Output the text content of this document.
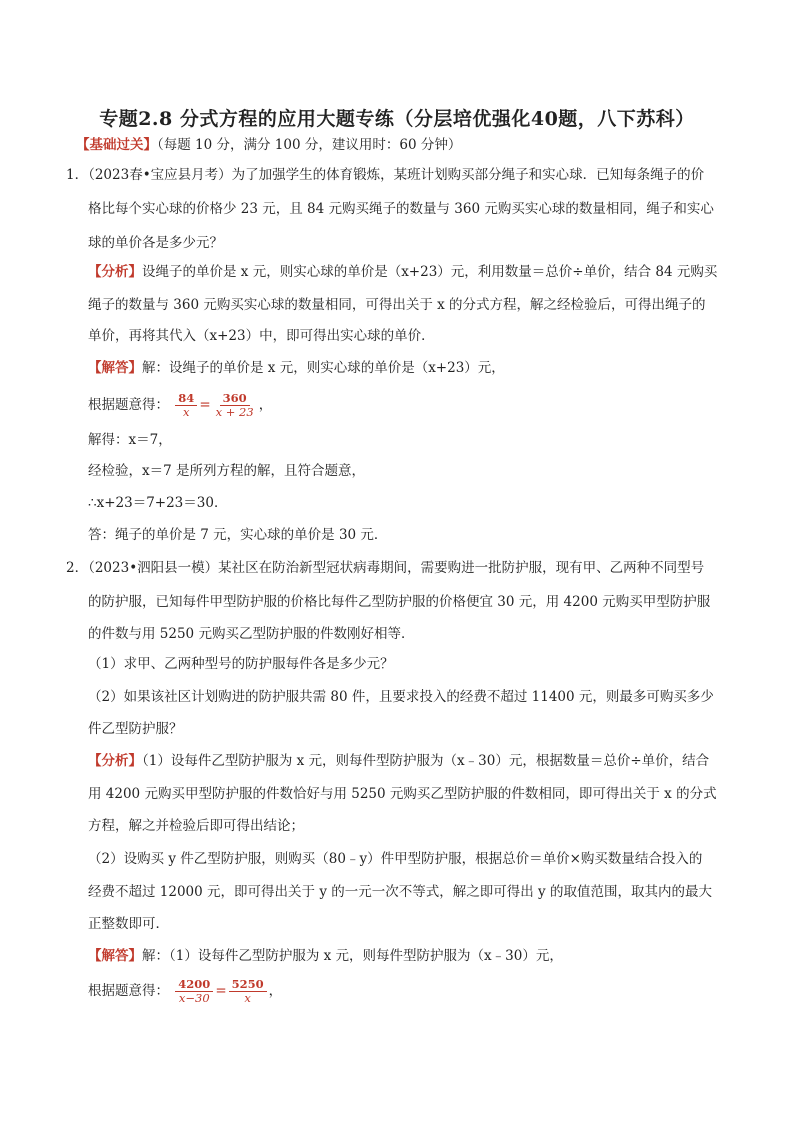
专题2.8 分式方程的应用大题专练（分层培优强化40题，八下苏科）
【基础过关】（每题 10 分，满分 100 分，建议用时：60 分钟）
1．（2023春•宝应县月考）为了加强学生的体育锻炼，某班计划购买部分绳子和实心球．已知每条绳子的价
格比每个实心球的价格少 23 元，且 84 元购买绳子的数量与 360 元购买实心球的数量相同，绳子和实心
球的单价各是多少元？
【分析】设绳子的单价是 x 元，则实心球的单价是（x+23）元，利用数量＝总价÷单价，结合 84 元购买
绳子的数量与 360 元购买实心球的数量相同，可得出关于 x 的分式方程，解之经检验后，可得出绳子的
单价，再将其代入（x+23）中，即可得出实心球的单价．
【解答】解：设绳子的单价是 x 元，则实心球的单价是（x+23）元，
根据题意得： $\frac{84}{x} = \frac{360}{x + 23}$ ，
解得：x＝7，
经检验，x＝7 是所列方程的解，且符合题意，
∴x+23＝7+23＝30．
答：绳子的单价是 7 元，实心球的单价是 30 元．
2．（2023•泗阳县一模）某社区在防治新型冠状病毒期间，需要购进一批防护服，现有甲、乙两种不同型号
的防护服，已知每件甲型防护服的价格比每件乙型防护服的价格便宜 30 元，用 4200 元购买甲型防护服
的件数与用 5250 元购买乙型防护服的件数刚好相等．
（1）求甲、乙两种型号的防护服每件各是多少元？
（2）如果该社区计划购进的防护服共需 80 件，且要求投入的经费不超过 11400 元，则最多可购买多少
件乙型防护服？
【分析】（1）设每件乙型防护服为 x 元，则每件型防护服为（x﹣30）元，根据数量＝总价÷单价，结合
用 4200 元购买甲型防护服的件数恰好与用 5250 元购买乙型防护服的件数相同，即可得出关于 x 的分式
方程，解之并检验后即可得出结论；
（2）设购买 y 件乙型防护服，则购买（80﹣y）件甲型防护服，根据总价＝单价×购买数量结合投入的
经费不超过 12000 元，即可得出关于 y 的一元一次不等式，解之即可得出 y 的取值范围，取其内的最大
正整数即可．
【解答】解：（1）设每件乙型防护服为 x 元，则每件型防护服为（x﹣30）元，
根据题意得： $\frac{4200}{x-30} = \frac{5250}{x}$ ，
